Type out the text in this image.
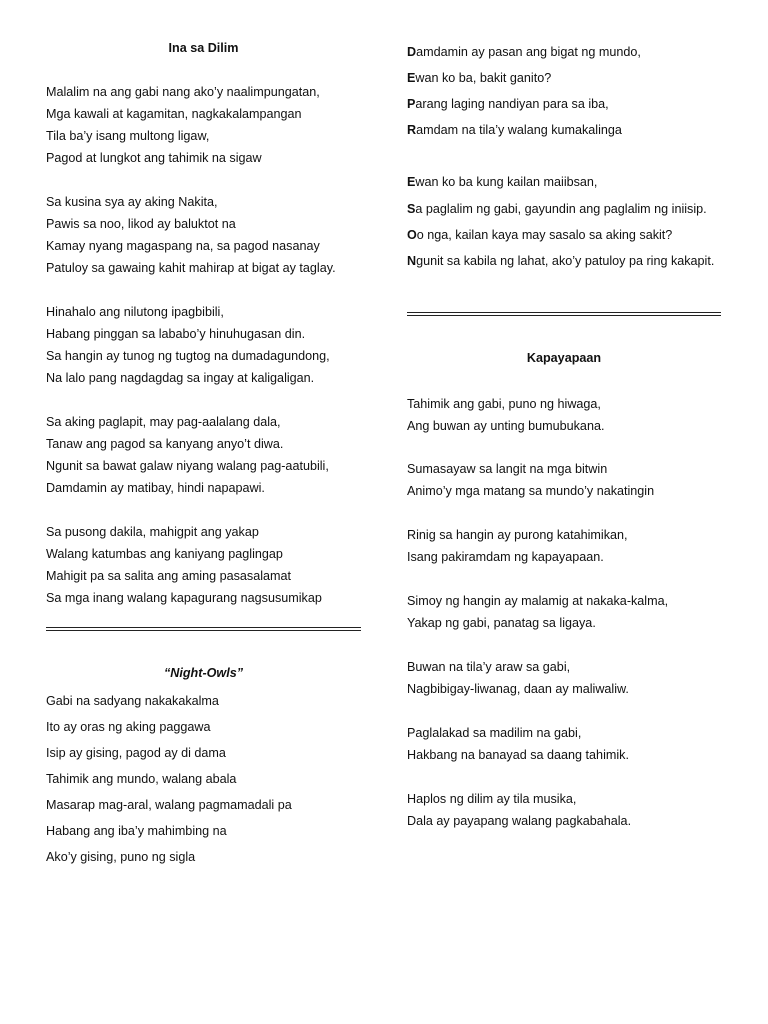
Ina sa Dilim
Malalim na ang gabi nang ako’y naalimpungatan,
Mga kawali at kagamitan, nagkakalampangan
Tila ba’y isang multong ligaw,
Pagod at lungkot ang tahimik na sigaw
Sa kusina sya ay aking Nakita,
Pawis sa noo, likod ay baluktot na
Kamay nyang magaspang na, sa pagod nasanay
Patuloy sa gawaing kahit mahirap at bigat ay taglay.
Hinahalo ang nilutong ipagbibili,
Habang pinggan sa lababo’y hinuhugasan din.
Sa hangin ay tunog ng tugtog na dumadagundong,
Na lalo pang nagdagdag sa ingay at kaligaligan.
Sa aking paglapit, may pag-aalalang dala,
Tanaw ang pagod sa kanyang anyo’t diwa.
Ngunit sa bawat galaw niyang walang pag-aatubili,
Damdamin ay matibay, hindi napapawi.
Sa pusong dakila, mahigpit ang yakap
Walang katumbas ang kaniyang paglingap
Mahigit pa sa salita ang aming pasasalamat
Sa mga inang walang kapagurang nagsusumikap
“Night-Owls”
Gabi na sadyang nakakakalma
Ito ay oras ng aking paggawa
Isip ay gising, pagod ay di dama
Tahimik ang mundo, walang abala
Masarap mag-aral, walang pagmamadali pa
Habang ang iba’y mahimbing na
Ako’y gising, puno ng sigla
Damdamin ay pasan ang bigat ng mundo,
Ewan ko ba, bakit ganito?
Parang laging nandiyan para sa iba,
Ramdam na tila’y walang kumakalinga
Ewan ko ba kung kailan maiibsan,
Sa paglalim ng gabi, gayundin ang paglalim ng iniisip.
Oo nga, kailan kaya may sasalo sa aking sakit?
Ngunit sa kabila ng lahat, ako’y patuloy pa ring kakapit.
Kapayapaan
Tahimik ang gabi, puno ng hiwaga,
Ang buwan ay unting bumubukana.
Sumasayaw sa langit na mga bitwin
Animo’y mga matang sa mundo’y nakatingin
Rinig sa hangin ay purong katahimikan,
Isang pakiramdam ng kapayapaan.
Simoy ng hangin ay malamig at nakaka-kalma,
Yakap ng gabi, panatag sa ligaya.
Buwan na tila’y araw sa gabi,
Nagbibigay-liwanag, daan ay maliwaliw.
Paglalakad sa madilim na gabi,
Hakbang na banayad sa daang tahimik.
Haplos ng dilim ay tila musika,
Dala ay payapang walang pagkabahala.
